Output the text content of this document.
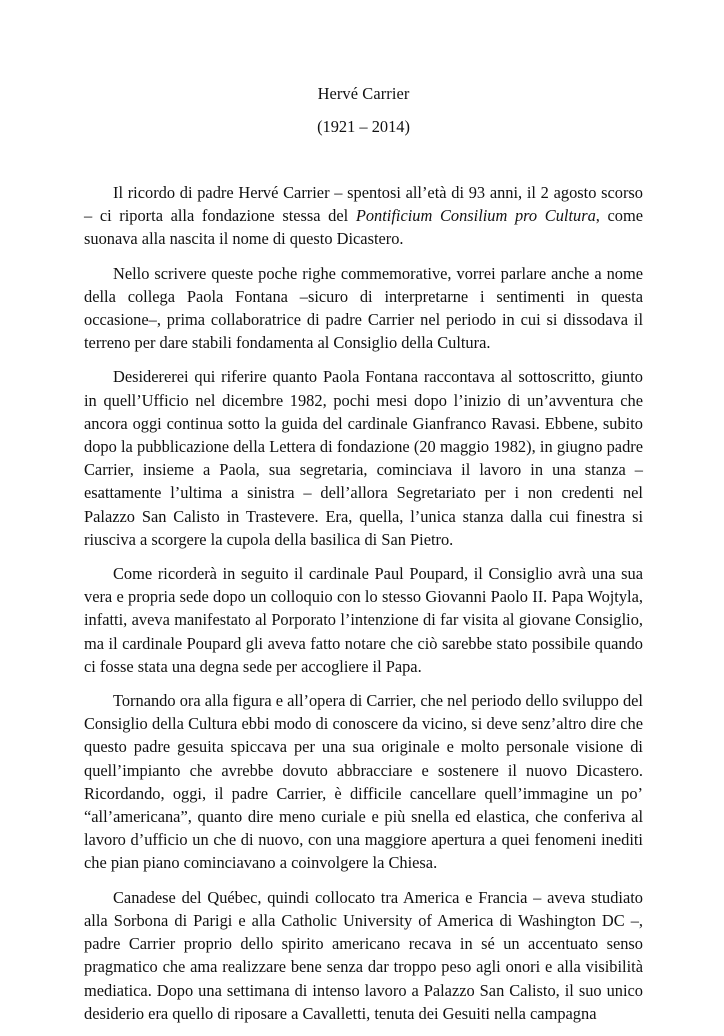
Hervé Carrier

(1921 – 2014)

Il ricordo di padre Hervé Carrier – spentosi all’età di 93 anni, il 2 agosto scorso – ci riporta alla fondazione stessa del Pontificium Consilium pro Cultura, come suonava alla nascita il nome di questo Dicastero.

Nello scrivere queste poche righe commemorative, vorrei parlare anche a nome della collega Paola Fontana –sicuro di interpretarne i sentimenti in questa occasione–, prima collaboratrice di padre Carrier nel periodo in cui si dissodava il terreno per dare stabili fondamenta al Consiglio della Cultura.

Desidererei qui riferire quanto Paola Fontana raccontava al sottoscritto, giunto in quell’Ufficio nel dicembre 1982, pochi mesi dopo l’inizio di un’avventura che ancora oggi continua sotto la guida del cardinale Gianfranco Ravasi. Ebbene, subito dopo la pubblicazione della Lettera di fondazione (20 maggio 1982), in giugno padre Carrier, insieme a Paola, sua segretaria, cominciava il lavoro in una stanza – esattamente l’ultima a sinistra – dell’allora Segretariato per i non credenti nel Palazzo San Calisto in Trastevere. Era, quella, l’unica stanza dalla cui finestra si riusciva a scorgere la cupola della basilica di San Pietro.

Come ricorderà in seguito il cardinale Paul Poupard, il Consiglio avrà una sua vera e propria sede dopo un colloquio con lo stesso Giovanni Paolo II. Papa Wojtyla, infatti, aveva manifestato al Porporato l’intenzione di far visita al giovane Consiglio, ma il cardinale Poupard gli aveva fatto notare che ciò sarebbe stato possibile quando ci fosse stata una degna sede per accogliere il Papa.

Tornando ora alla figura e all’opera di Carrier, che nel periodo dello sviluppo del Consiglio della Cultura ebbi modo di conoscere da vicino, si deve senz’altro dire che questo padre gesuita spiccava per una sua originale e molto personale visione di quell’impianto che avrebbe dovuto abbracciare e sostenere il nuovo Dicastero. Ricordando, oggi, il padre Carrier, è difficile cancellare quell’immagine un po’ “all’americana”, quanto dire meno curiale e più snella ed elastica, che conferiva al lavoro d’ufficio un che di nuovo, con una maggiore apertura a quei fenomeni inediti che pian piano cominciavano a coinvolgere la Chiesa.

Canadese del Québec, quindi collocato tra America e Francia – aveva studiato alla Sorbona di Parigi e alla Catholic University of America di Washington DC –, padre Carrier proprio dello spirito americano recava in sé un accentuato senso pragmatico che ama realizzare bene senza dar troppo peso agli onori e alla visibilità mediatica. Dopo una settimana di intenso lavoro a Palazzo San Calisto, il suo unico desiderio era quello di riposare a Cavalletti, tenuta dei Gesuiti nella campagna
